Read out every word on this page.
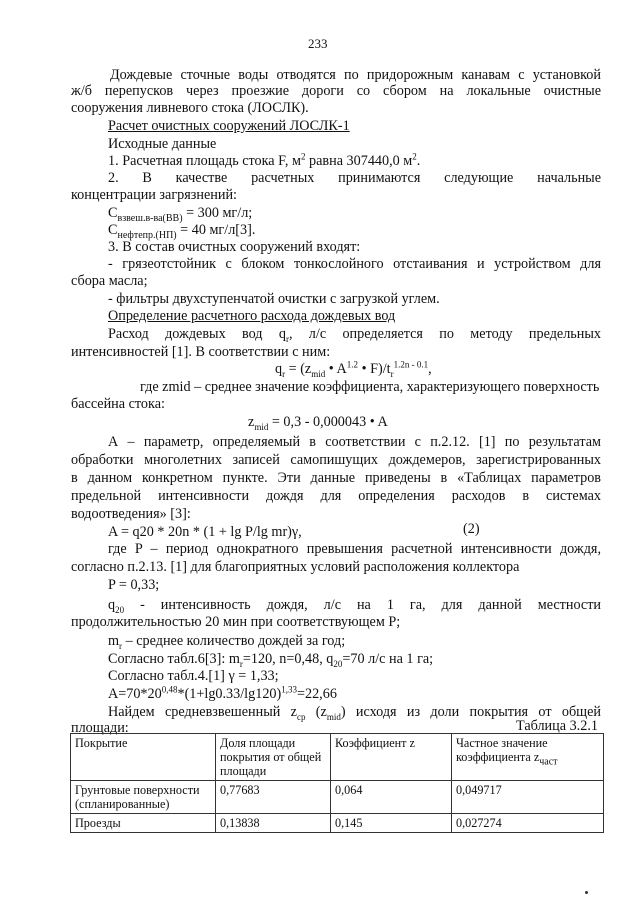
233
Дождевые сточные воды отводятся по придорожным канавам с установкой
ж/б перепусков через проезжие дороги со сбором на локальные очистные
сооружения ливневого стока (ЛОСЛК).
Расчет очистных сооружений ЛОСЛК-1
Исходные данные
1. Расчетная площадь стока F, $м^2$ равна 307440,0 $м^2$.
2. В качестве расчетных принимаются следующие начальные
концентрации загрязнений:
$С_{взвеш.в-ва(ВВ)} = 300$ мг/л;
$С_{нефтепр.(НП)} = 40$ мг/л[3].
3. В состав очистных сооружений входят:
- грязеотстойник с блоком тонкослойного отстаивания и устройством для
сбора масла;
- фильтры двухступенчатой очистки с загрузкой углем.
Определение расчетного расхода дождевых вод
Расход дождевых вод $q_r$, л/с определяется по методу предельных
интенсивностей [1]. В соответствии с ним:
$q_r = (z_{mid}$ • $A^{1.2}$ • $F)/t_r^{1.2n - 0.1}$,
где zmid – среднее значение коэффициента, характеризующего поверхность
бассейна стока:
$z_{mid} = 0,3 - 0,000043$ • A
А – параметр, определяемый в соответствии с п.2.12. [1] по результатам
обработки многолетних записей самопишущих дождемеров, зарегистрированных
в данном конкретном пункте. Эти данные приведены в «Таблицах параметров
предельной интенсивности дождя для определения расходов в системах
водоотведения» [3]:
A = q20 * 20n * (1 + lg P/lg mr)γ,	(2)
где P – период однократного превышения расчетной интенсивности дождя,
согласно п.2.13. [1] для благоприятных условий расположения коллектора
P = 0,33;
$q_{20}$ - интенсивность дождя, л/с на 1 га, для данной местности
продолжительностью 20 мин при соответствующем P;
$m_r$ – среднее количество дождей за год;
Согласно табл.6[3]: $m_r=120$, n=0,48, $q_{20}=70$ л/с на 1 га;
Согласно табл.4.[1] γ = 1,33;
$A=70*20^{0,48}*(1+\lg 0.33/\lg 120)^{1,33}=22,66$
Найдем средневзвешенный $z_{ср}$ $(z_{mid})$ исходя из доли покрытия от общей
площади:	Таблица 3.2.1
Покрытие	Доля площади покрытия от общей площади	Коэффициент z	Частное значение коэффициента $z_{част}$
Грунтовые поверхности (спланированные)	0,77683	0,064	0,049717
Проезды	0,13838	0,145	0,027274
